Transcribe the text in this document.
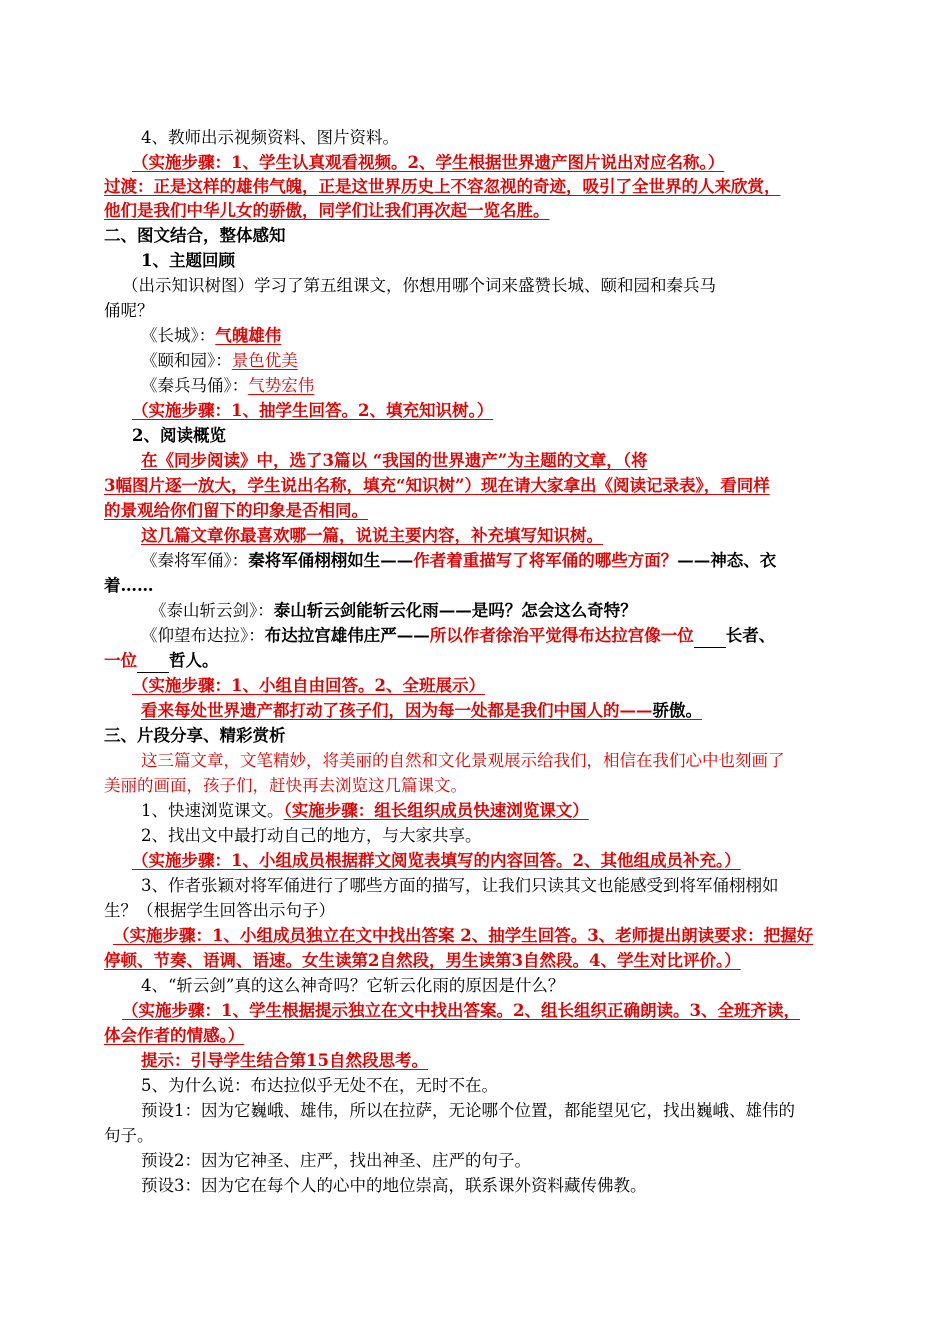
4、教师出示视频资料、图片资料。
（实施步骤：1、学生认真观看视频。2、学生根据世界遗产图片说出对应名称。）
过渡：正是这样的雄伟气魄，正是这世界历史上不容忽视的奇迹，吸引了全世界的人来欣赏，
他们是我们中华儿女的骄傲，同学们让我们再次起一览名胜。
二、图文结合，整体感知
1、主题回顾
（出示知识树图）学习了第五组课文，你想用哪个词来盛赞长城、颐和园和秦兵马
俑呢？
《长城》：气魄雄伟
《颐和园》：景色优美
《秦兵马俑》：气势宏伟
（实施步骤：1、抽学生回答。2、填充知识树。）
2、阅读概览
在《同步阅读》中，选了3篇以 “我国的世界遗产”为主题的文章，（将
3幅图片逐一放大，学生说出名称，填充“知识树”）现在请大家拿出《阅读记录表》，看同样
的景观给你们留下的印象是否相同。
这几篇文章你最喜欢哪一篇，说说主要内容，补充填写知识树。
《秦将军俑》：秦将军俑栩栩如生——作者着重描写了将军俑的哪些方面？——神态、衣
着……
《泰山斩云剑》：泰山斩云剑能斩云化雨——是吗？怎会这么奇特？
《仰望布达拉》：布达拉宫雄伟庄严——所以作者徐治平觉得布达拉宫像一位 长者、
一位 哲人。
（实施步骤：1、小组自由回答。2、全班展示）
看来每处世界遗产都打动了孩子们，因为每一处都是我们中国人的——骄傲。
三、片段分享、精彩赏析
这三篇文章，文笔精妙，将美丽的自然和文化景观展示给我们，相信在我们心中也刻画了
美丽的画面，孩子们，赶快再去浏览这几篇课文。
1、快速浏览课文。（实施步骤：组长组织成员快速浏览课文）
2、找出文中最打动自己的地方，与大家共享。
（实施步骤：1、小组成员根据群文阅览表填写的内容回答。2、其他组成员补充。）
3、作者张颖对将军俑进行了哪些方面的描写，让我们只读其文也能感受到将军俑栩栩如
生？（根据学生回答出示句子）
（实施步骤：1、小组成员独立在文中找出答案 2、抽学生回答。3、老师提出朗读要求：把握好
停顿、节奏、语调、语速。女生读第2自然段，男生读第3自然段。4、学生对比评价。）
4、“斩云剑”真的这么神奇吗？它斩云化雨的原因是什么？
（实施步骤：1、学生根据提示独立在文中找出答案。2、组长组织正确朗读。3、全班齐读，
体会作者的情感。）
提示：引导学生结合第15自然段思考。
5、为什么说：布达拉似乎无处不在，无时不在。
预设1：因为它巍峨、雄伟，所以在拉萨，无论哪个位置，都能望见它，找出巍峨、雄伟的
句子。
预设2：因为它神圣、庄严，找出神圣、庄严的句子。
预设3：因为它在每个人的心中的地位崇高，联系课外资料藏传佛教。
